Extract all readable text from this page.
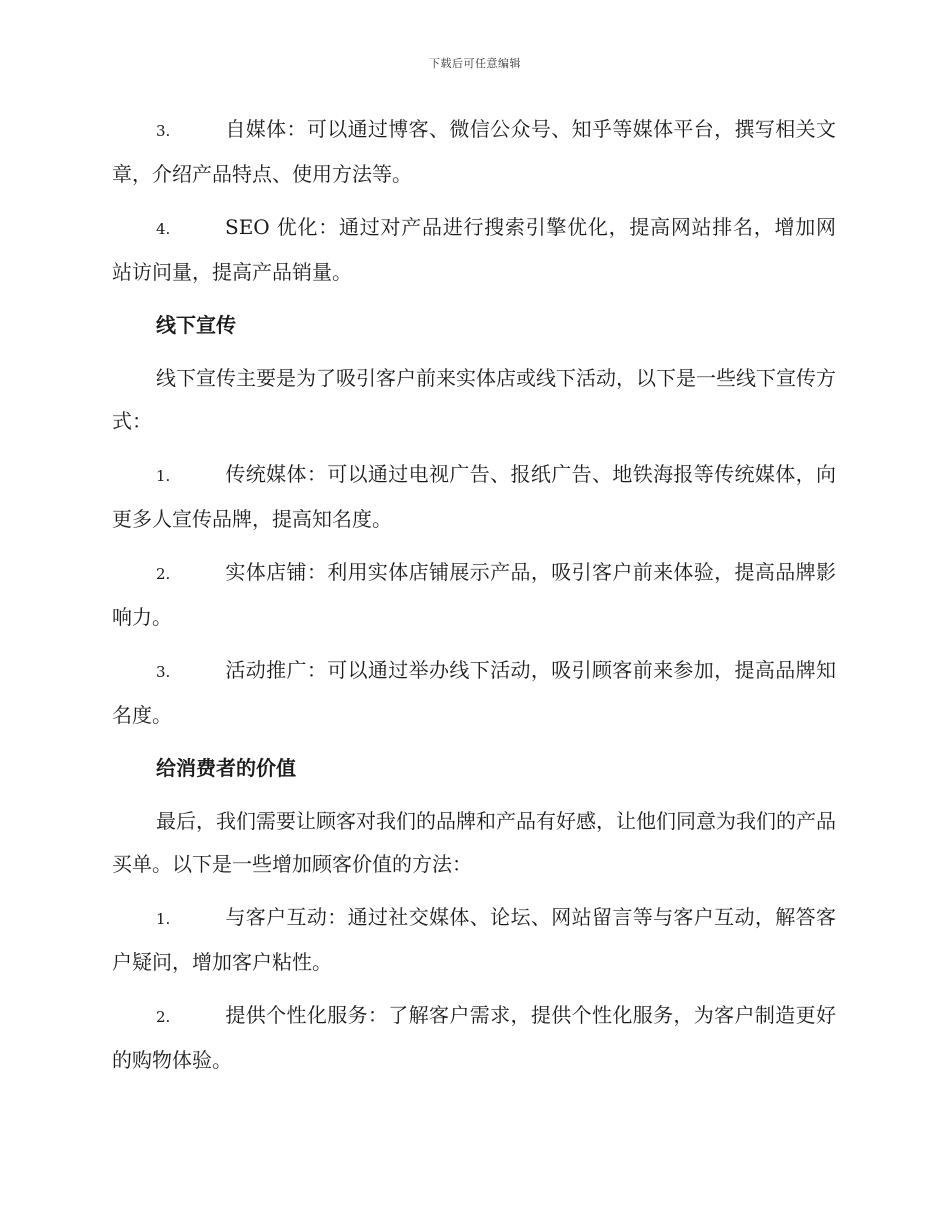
下载后可任意编辑

3.	自媒体：可以通过博客、微信公众号、知乎等媒体平台，撰写相关文章，介绍产品特点、使用方法等。

4.	SEO 优化：通过对产品进行搜索引擎优化，提高网站排名，增加网站访问量，提高产品销量。

线下宣传

线下宣传主要是为了吸引客户前来实体店或线下活动，以下是一些线下宣传方式：

1.	传统媒体：可以通过电视广告、报纸广告、地铁海报等传统媒体，向更多人宣传品牌，提高知名度。

2.	实体店铺：利用实体店铺展示产品，吸引客户前来体验，提高品牌影响力。

3.	活动推广：可以通过举办线下活动，吸引顾客前来参加，提高品牌知名度。

给消费者的价值

最后，我们需要让顾客对我们的品牌和产品有好感，让他们同意为我们的产品买单。以下是一些增加顾客价值的方法：

1.	与客户互动：通过社交媒体、论坛、网站留言等与客户互动，解答客户疑问，增加客户粘性。

2.	提供个性化服务：了解客户需求，提供个性化服务，为客户制造更好的购物体验。
